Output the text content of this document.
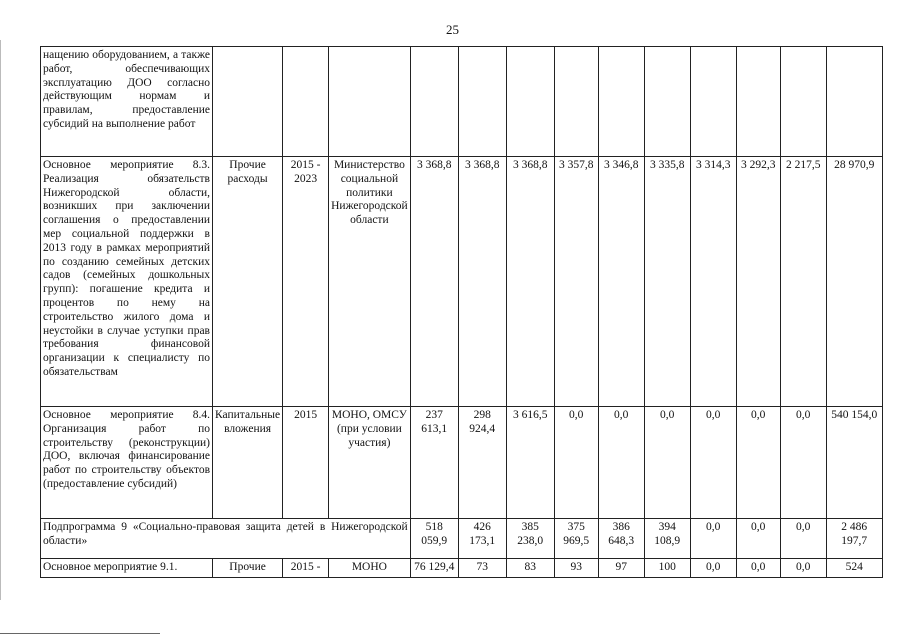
25
нащению оборудованием, а также работ, обеспечивающих эксплуатацию ДОО согласно действующим нормам и правилам, предоставление субсидий на выполнение работ													
Основное мероприятие 8.3. Реализация обязательств Нижегородской области, возникших при заключении соглашения о предоставлении мер социальной поддержки в 2013 году в рамках мероприятий по созданию семейных детских садов (семейных дошкольных групп): погашение кредита и процентов по нему на строительство жилого дома и неустойки в случае уступки прав требования финансовой организации к специалисту по обязательствам	Прочие расходы	2015 - 2023	Министерство социальной политики Нижегородской области	3 368,8	3 368,8	3 368,8	3 357,8	3 346,8	3 335,8	3 314,3	3 292,3	2 217,5	28 970,9
Основное мероприятие 8.4. Организация работ по строительству (реконструкции) ДОО, включая финансирование работ по строительству объектов (предоставление субсидий)	Капитальные вложения	2015	МОНО, ОМСУ (при условии участия)	237 613,1	298 924,4	3 616,5	0,0	0,0	0,0	0,0	0,0	0,0	540 154,0
Подпрограмма 9 «Социально-правовая защита детей в Нижегородской области»				518 059,9	426 173,1	385 238,0	375 969,5	386 648,3	394 108,9	0,0	0,0	0,0	2 486 197,7
Основное мероприятие 9.1.	Прочие	2015 -	МОНО	76 129,4	73	83	93	97	100	0,0	0,0	0,0	524
